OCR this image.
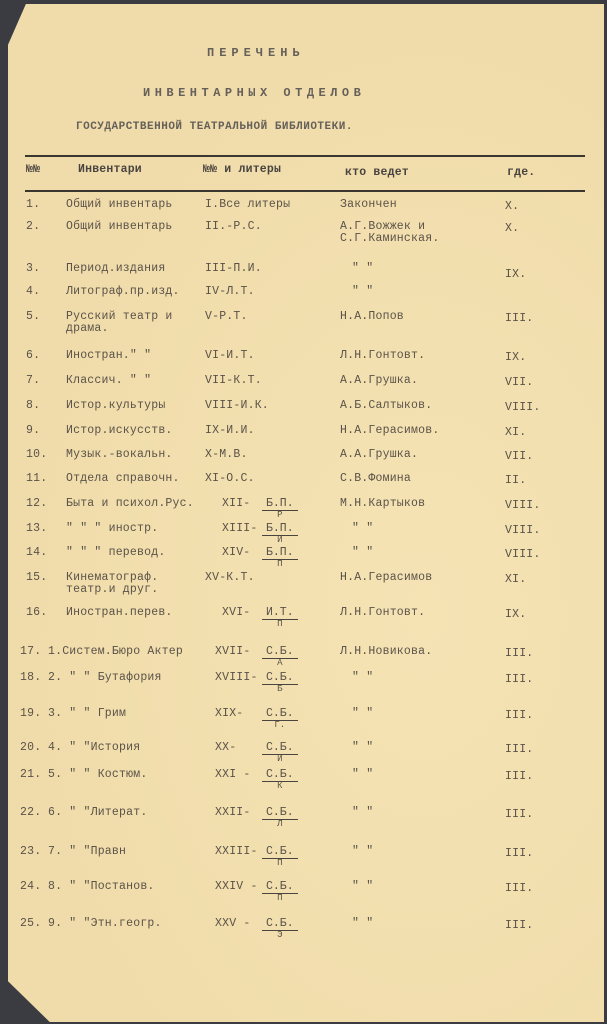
ПЕРЕЧЕНЬ
ИНВЕНТАРНЫХ ОТДЕЛОВ
ГОСУДАРСТВЕННОЙ ТЕАТРАЛЬНОЙ БИБЛИОТЕКИ.
№№	Инвентари	№№ и литеры	кто ведет	где.
1. Общий инвентарь	I.Все литеры	Закончен	X.
2. Общий инвентарь	II.-Р.С.	А.Г.Вожжек и
С.Г.Каминская.
X.
3. Период.издания	III-П.И.	" "	IX.
4. Литограф.пр.изд. IV-Л.Т.	" "
5. Русский театр и
драма.
V-Р.Т.	Н.А.Попов	III.
6. Иностран." "	VI-И.Т.	Л.Н.Гонтовт.	IX.
7. Классич. " "	VII-К.Т.	А.А.Грушка.	VII.
8. Истор.культуры	VIII-И.К.	А.Б.Салтыков.	VIII.
9. Истор.искусств.	IX-И.И.	Н.А.Герасимов.	XI.
10. Музык.-вокальн.	X-М.В.	А.А.Грушка.	VII.
11. Отдела справочн. XI-О.С.	С.В.Фомина	II.
12. Быта и психол.Рус. XII-	Б.П.
Р
М.Н.Картыков	VIII.
13. " " " иностр.	XIII- Б.П.
И
" "	VIII.
14. " " " перевод.	XIV-	Б.П.
П
" "	VIII.
15. Кинематограф.
театр.и друг.
XV-К.Т.	Н.А.Герасимов	XI.
16. Иностран.перев.	XVI-	И.Т.
П
Л.Н.Гонтовт.	IX.
17. 1.Систем.Бюро Актер	XVII-	С.Б.
А
Л.Н.Новикова.	III.
18. 2. " " Бутафория	XVIII- С.Б.
Б
" "	III.
19. 3. " " Грим	XIX-	С.Б.
Г.
" "	III.
20. 4. " "История	XX-	С.Б.
И
" "	III.
21. 5. " " Костюм.	XXI -	С.Б.
К
" "	III.
22. 6. " "Литерат.	XXII-	С.Б.
Л
" "	III.
23. 7. " "Правн	XXIII- С.Б.
П
" "	III.
24. 8. " "Постанов.	XXIV - С.Б.
П
" "	III.
25. 9. " "Этн.геогр.	XXV -	С.Б.
Э
" "	III.
